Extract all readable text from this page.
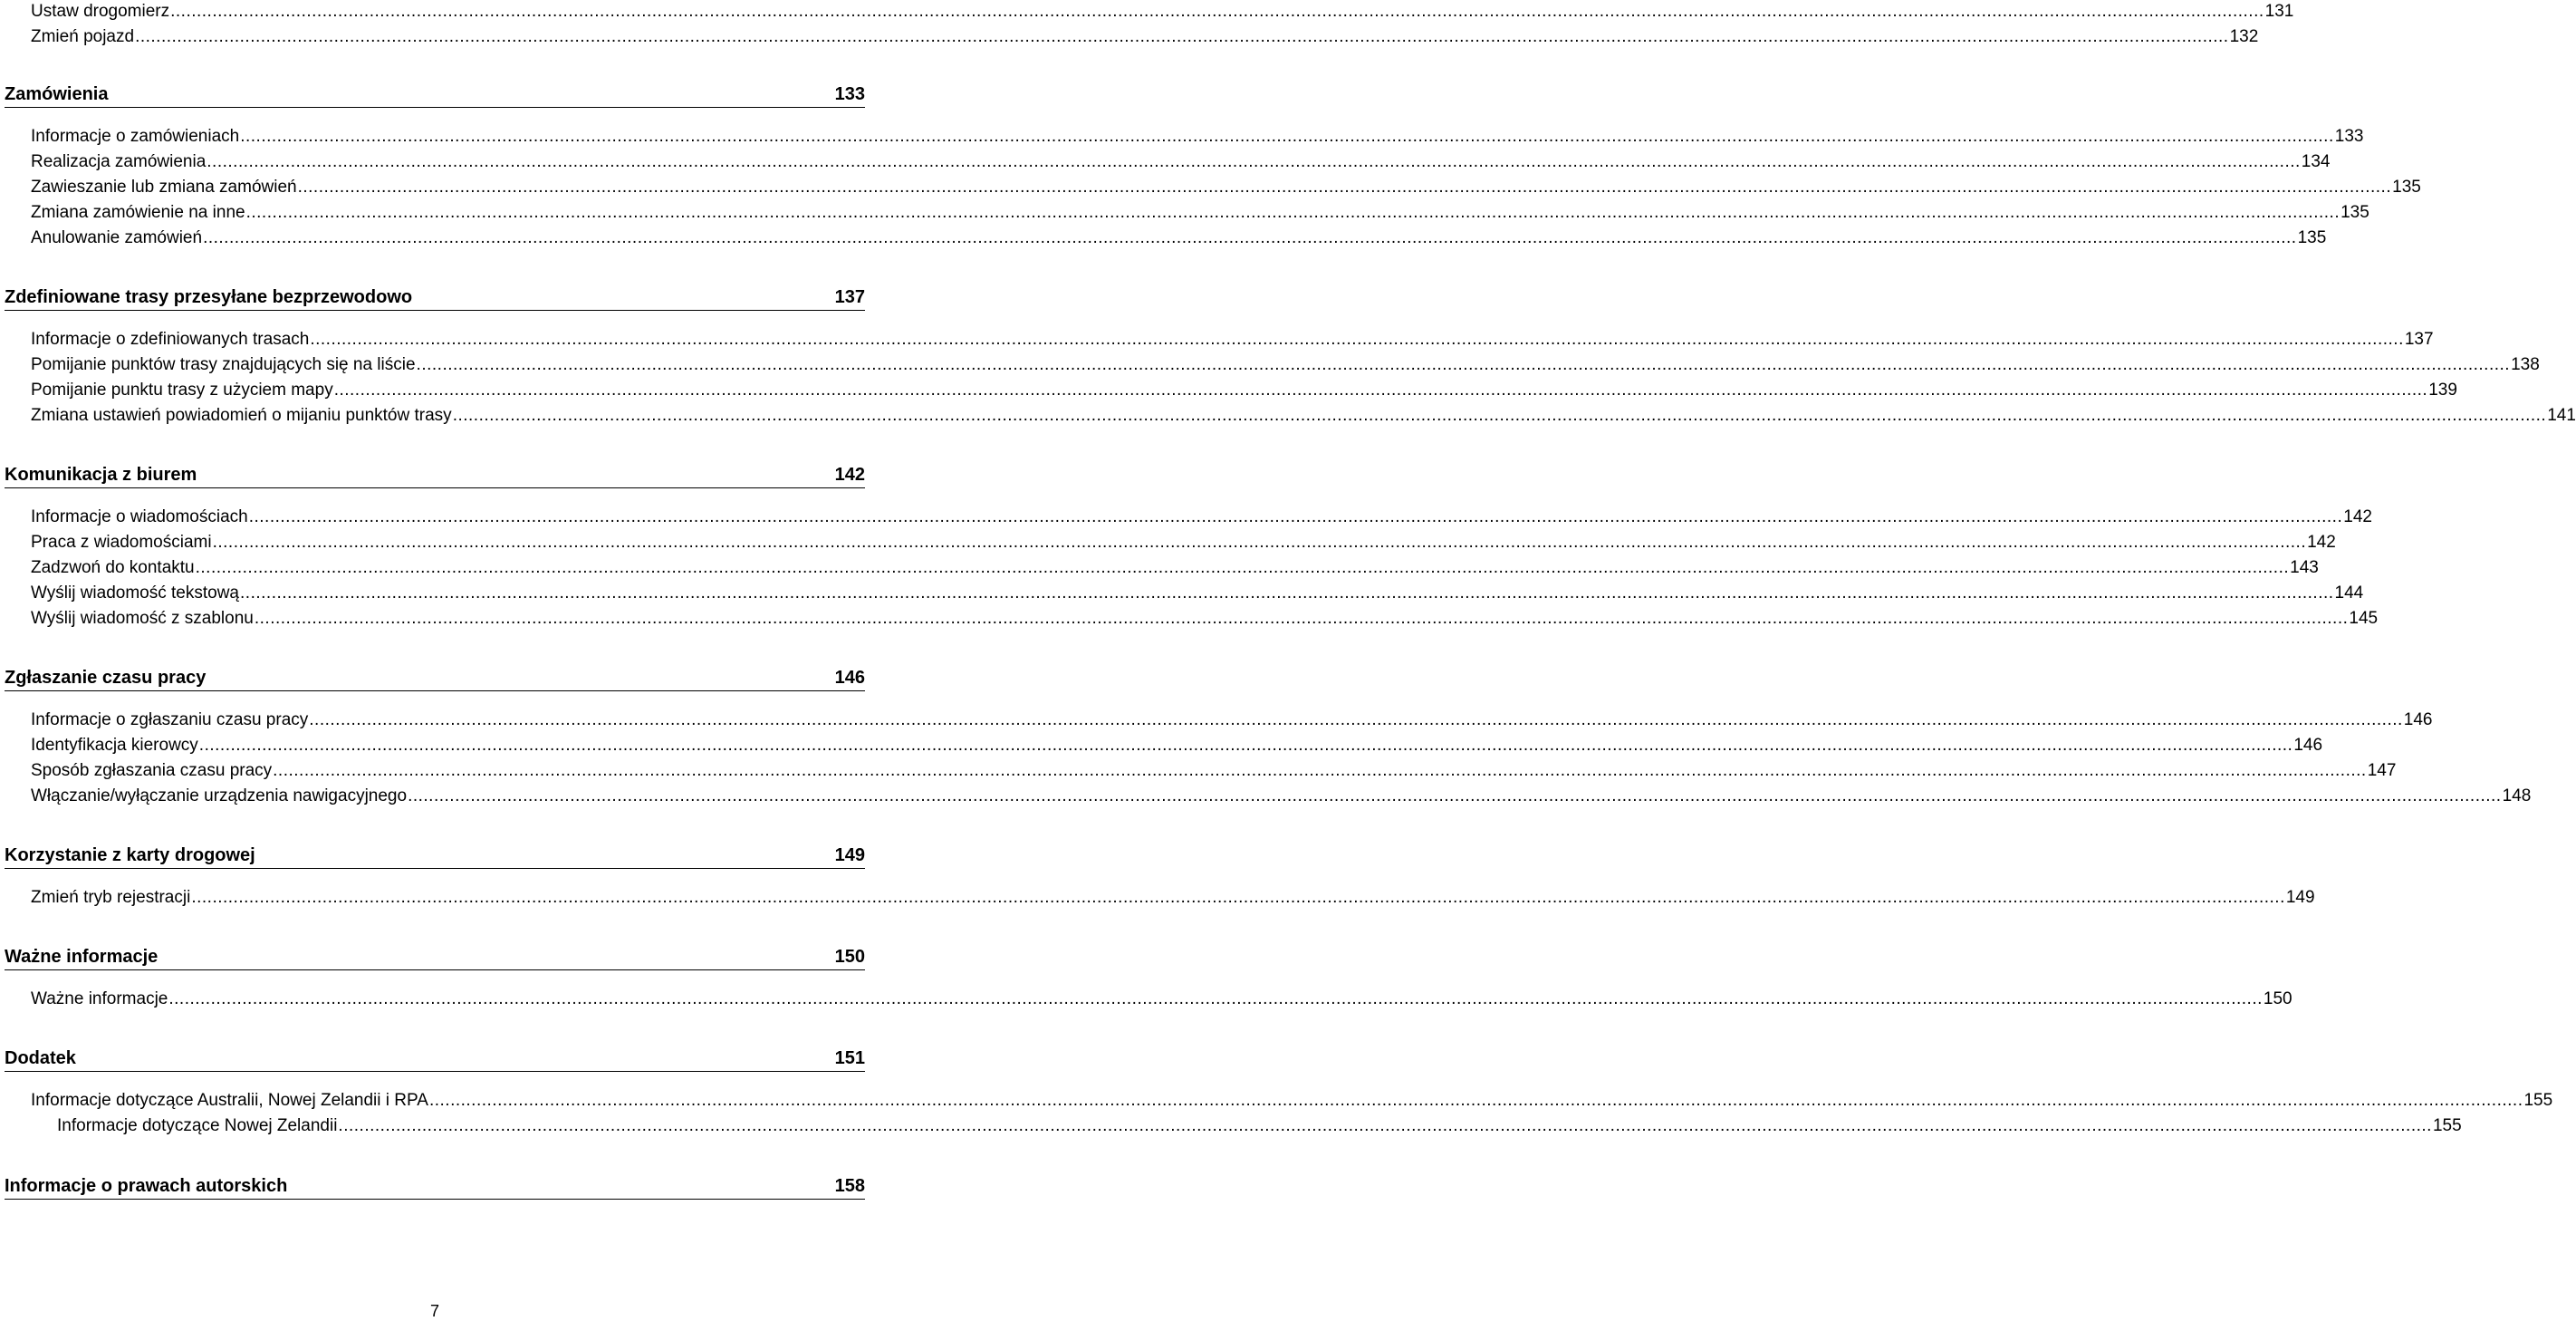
Ustaw drogomierz ................................................................................................................................................................................................................................................................................................................................................................................................................ 131
Zmień pojazd ................................................................................................................................................................................................................................................................................................................................................................................................................ 132
Zamówienia	133
Informacje o zamówieniach ................................................................................................................................................................................................................................................................................................................................................................................................................ 133
Realizacja zamówienia ................................................................................................................................................................................................................................................................................................................................................................................................................ 134
Zawieszanie lub zmiana zamówień ................................................................................................................................................................................................................................................................................................................................................................................................................ 135
Zmiana zamówienie na inne ................................................................................................................................................................................................................................................................................................................................................................................................................ 135
Anulowanie zamówień ................................................................................................................................................................................................................................................................................................................................................................................................................ 135
Zdefiniowane trasy przesyłane bezprzewodowo	137
Informacje o zdefiniowanych trasach ................................................................................................................................................................................................................................................................................................................................................................................................................ 137
Pomijanie punktów trasy znajdujących się na liście ................................................................................................................................................................................................................................................................................................................................................................................................................ 138
Pomijanie punktu trasy z użyciem mapy ................................................................................................................................................................................................................................................................................................................................................................................................................ 139
Zmiana ustawień powiadomień o mijaniu punktów trasy ................................................................................................................................................................................................................................................................................................................................................................................................................ 141
Komunikacja z biurem	142
Informacje o wiadomościach ................................................................................................................................................................................................................................................................................................................................................................................................................ 142
Praca z wiadomościami ................................................................................................................................................................................................................................................................................................................................................................................................................ 142
Zadzwoń do kontaktu ................................................................................................................................................................................................................................................................................................................................................................................................................ 143
Wyślij wiadomość tekstową ................................................................................................................................................................................................................................................................................................................................................................................................................ 144
Wyślij wiadomość z szablonu ................................................................................................................................................................................................................................................................................................................................................................................................................ 145
Zgłaszanie czasu pracy	146
Informacje o zgłaszaniu czasu pracy ................................................................................................................................................................................................................................................................................................................................................................................................................ 146
Identyfikacja kierowcy ................................................................................................................................................................................................................................................................................................................................................................................................................ 146
Sposób zgłaszania czasu pracy ................................................................................................................................................................................................................................................................................................................................................................................................................ 147
Włączanie/wyłączanie urządzenia nawigacyjnego ................................................................................................................................................................................................................................................................................................................................................................................................................ 148
Korzystanie z karty drogowej	149
Zmień tryb rejestracji ................................................................................................................................................................................................................................................................................................................................................................................................................ 149
Ważne informacje	150
Ważne informacje ................................................................................................................................................................................................................................................................................................................................................................................................................ 150
Dodatek	151
Informacje dotyczące Australii, Nowej Zelandii i RPA ................................................................................................................................................................................................................................................................................................................................................................................................................ 155
Informacje dotyczące Nowej Zelandii ................................................................................................................................................................................................................................................................................................................................................................................................................ 155
Informacje o prawach autorskich	158
7
